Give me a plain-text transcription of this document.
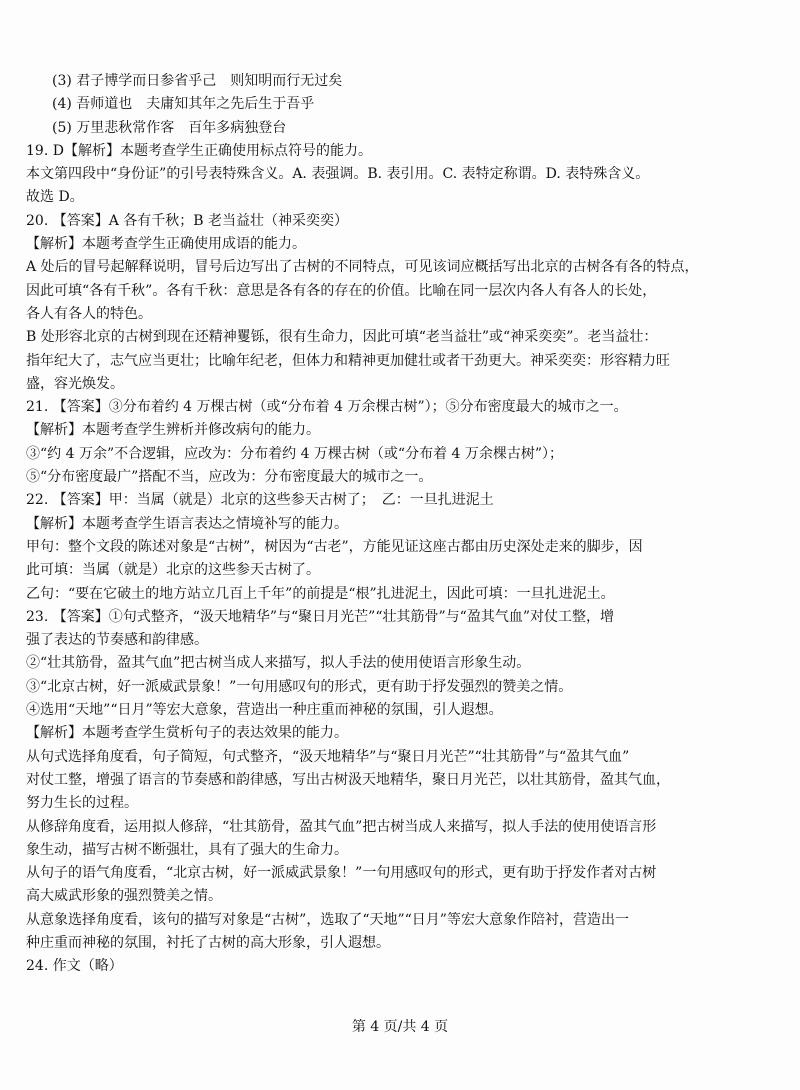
(3) 君子博学而日参省乎己　则知明而行无过矣
(4) 吾师道也　夫庸知其年之先后生于吾乎
(5) 万里悲秋常作客　百年多病独登台
19. D【解析】本题考查学生正确使用标点符号的能力。
本文第四段中“身份证”的引号表特殊含义。A. 表强调。B. 表引用。C. 表特定称谓。D. 表特殊含义。
故选 D。
20. 【答案】A 各有千秋；B 老当益壮（神采奕奕）
【解析】本题考查学生正确使用成语的能力。
A 处后的冒号起解释说明，冒号后边写出了古树的不同特点，可见该词应概括写出北京的古树各有各的特点，
因此可填“各有千秋”。各有千秋：意思是各有各的存在的价值。比喻在同一层次内各人有各人的长处，
各人有各人的特色。
B 处形容北京的古树到现在还精神矍铄，很有生命力，因此可填“老当益壮”或“神采奕奕”。老当益壮：
指年纪大了，志气应当更壮；比喻年纪老，但体力和精神更加健壮或者干劲更大。神采奕奕：形容精力旺
盛，容光焕发。
21. 【答案】③分布着约 4 万棵古树（或“分布着 4 万余棵古树”）；⑤分布密度最大的城市之一。
【解析】本题考查学生辨析并修改病句的能力。
③“约 4 万余”不合逻辑，应改为：分布着约 4 万棵古树（或“分布着 4 万余棵古树”）；
⑤“分布密度最广”搭配不当，应改为：分布密度最大的城市之一。
22. 【答案】甲：当属（就是）北京的这些参天古树了；　乙：一旦扎进泥土
【解析】本题考查学生语言表达之情境补写的能力。
甲句：整个文段的陈述对象是“古树”，树因为“古老”，方能见证这座古都由历史深处走来的脚步，因
此可填：当属（就是）北京的这些参天古树了。
乙句：“要在它破土的地方站立几百上千年”的前提是“根”扎进泥土，因此可填：一旦扎进泥土。
23. 【答案】①句式整齐，“汲天地精华”与“聚日月光芒”“壮其筋骨”与“盈其气血”对仗工整，增
强了表达的节奏感和韵律感。
②“壮其筋骨，盈其气血”把古树当成人来描写，拟人手法的使用使语言形象生动。
③“北京古树，好一派威武景象！”一句用感叹句的形式，更有助于抒发强烈的赞美之情。
④选用“天地”“日月”等宏大意象，营造出一种庄重而神秘的氛围，引人遐想。
【解析】本题考查学生赏析句子的表达效果的能力。
从句式选择角度看，句子简短，句式整齐，“汲天地精华”与“聚日月光芒”“壮其筋骨”与“盈其气血”
对仗工整，增强了语言的节奏感和韵律感，写出古树汲天地精华，聚日月光芒，以壮其筋骨，盈其气血，
努力生长的过程。
从修辞角度看，运用拟人修辞，“壮其筋骨，盈其气血”把古树当成人来描写，拟人手法的使用使语言形
象生动，描写古树不断强壮，具有了强大的生命力。
从句子的语气角度看，“北京古树，好一派威武景象！”一句用感叹句的形式，更有助于抒发作者对古树
高大威武形象的强烈赞美之情。
从意象选择角度看，该句的描写对象是“古树”，选取了“天地”“日月”等宏大意象作陪衬，营造出一
种庄重而神秘的氛围，衬托了古树的高大形象，引人遐想。
24. 作文（略）
第 4 页/共 4 页
